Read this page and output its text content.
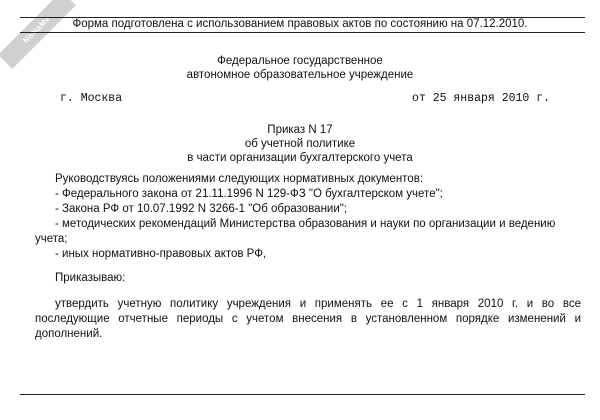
NoNaMe	Форма подготовлена с использованием правовых актов по состоянию на 07.12.2010.
Федеральное государственное
автономное образовательное учреждение
г. Москва	от 25 января 2010 г.
Приказ N 17
об учетной политике
в части организации бухгалтерского учета
Руководствуясь положениями следующих нормативных документов:
- Федерального закона от 21.11.1996 N 129-ФЗ "О бухгалтерском учете";
- Закона РФ от 10.07.1992 N 3266-1 "Об образовании";
- методических рекомендаций Министерства образования и науки по организации и ведению
учета;
- иных нормативно-правовых актов РФ,
Приказываю:
утвердить учетную политику учреждения и применять ее с 1 января 2010 г. и во все последующие отчетные периоды с учетом внесения в установленном порядке изменений и дополнений.
